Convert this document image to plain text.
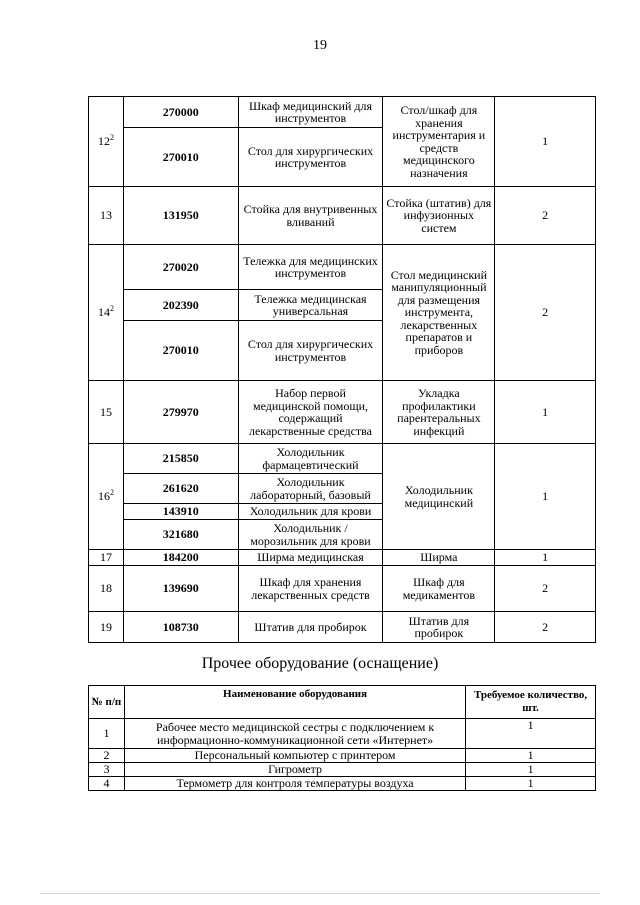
19
$12^2$	270000	Шкаф медицинский для инструментов	Стол/шкаф для хранения инструментария и средств медицинского назначения	1
	270010	Стол для хирургических инструментов		
13	131950	Стойка для внутривенных вливаний	Стойка (штатив) для инфузионных систем	2
$14^2$	270020	Тележка для медицинских инструментов	Стол медицинский манипуляционный для размещения инструмента, лекарственных препаратов и приборов	2
	202390	Тележка медицинская универсальная		
	270010	Стол для хирургических инструментов		
15	279970	Набор первой медицинской помощи, содержащий лекарственные средства	Укладка профилактики парентеральных инфекций	1
$16^2$	215850	Холодильник фармацевтический	Холодильник медицинский	1
	261620	Холодильник лабораторный, базовый		
	143910	Холодильник для крови		
	321680	Холодильник /морозильник для крови		
17	184200	Ширма медицинская	Ширма	1
18	139690	Шкаф для хранения лекарственных средств	Шкаф для медикаментов	2
19	108730	Штатив для пробирок	Штатив для пробирок	2
Прочее оборудование (оснащение)
№ п/п	Наименование оборудования	Требуемое количество, шт.
1	Рабочее место медицинской сестры с подключением к информационно-коммуникационной сети «Интернет»	1
2	Персональный компьютер с принтером	1
3	Гигрометр	1
4	Термометр для контроля температуры воздуха	1
